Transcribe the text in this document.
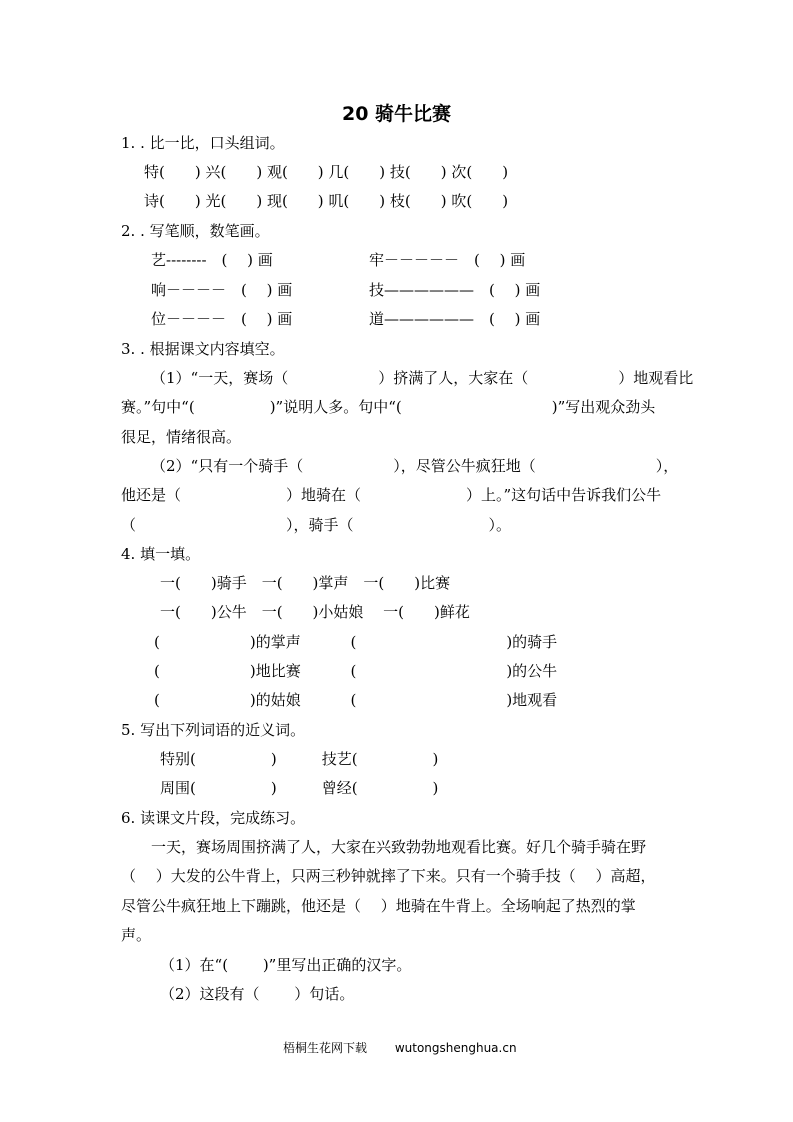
20 骑牛比赛
1. . 比一比，口头组词。
特(　　) 兴(　　) 观(　　) 几(　　) 技(　　) 次(　　)
诗(　　) 光(　　) 现(　　) 叽(　　) 枝(　　) 吹(　　)
2. . 写笔顺，数笔画。
艺--------　(　 ) 画	牢－－－－－　(　 ) 画
响－－－－　(　 ) 画	技——————　(　 ) 画
位－－－－　(　 ) 画	道——————　(　 ) 画
3. . 根据课文内容填空。
（1）“一天，赛场（　　　　　　）挤满了人，大家在（　　　　　　）地观看比
赛。”句中“(　　　　　)”说明人多。句中“(　　　　　　　　　　)”写出观众劲头
很足，情绪很高。
（2）“只有一个骑手（　　　　　　），尽管公牛疯狂地（　　　　　　　　），
他还是（　　　　　　　）地骑在（　　　　　　　）上。”这句话中告诉我们公牛
（　　　　　　　　　　），骑手（　　　　　　　　　）。
4. 填一填。
一(　　)骑手　一(　　)掌声　一(　　)比赛
一(　　)公牛　一(　　)小姑娘　 一(　　)鲜花
(　　　　　　)的掌声　　　 (　　　　　　　　　　)的骑手
(　　　　　　)地比赛　　　 (　　　　　　　　　　)的公牛
(　　　　　　)的姑娘　　　 (　　　　　　　　　　)地观看
5. 写出下列词语的近义词。
特别(　　　　　)　　　技艺(　　　　　)
周围(　　　　　)　　　曾经(　　　　　)
6. 读课文片段，完成练习。
一天，赛场周围挤满了人，大家在兴致勃勃地观看比赛。好几个骑手骑在野
（　 ）大发的公牛背上，只两三秒钟就摔了下来。只有一个骑手技（　 ）高超，
尽管公牛疯狂地上下蹦跳，他还是（　 ）地骑在牛背上。全场响起了热烈的掌
声。
（1）在“(　　 )”里写出正确的汉字。
（2）这段有（　　 ）句话。
梧桐生花网下载　　 wutongshenghua.cn
